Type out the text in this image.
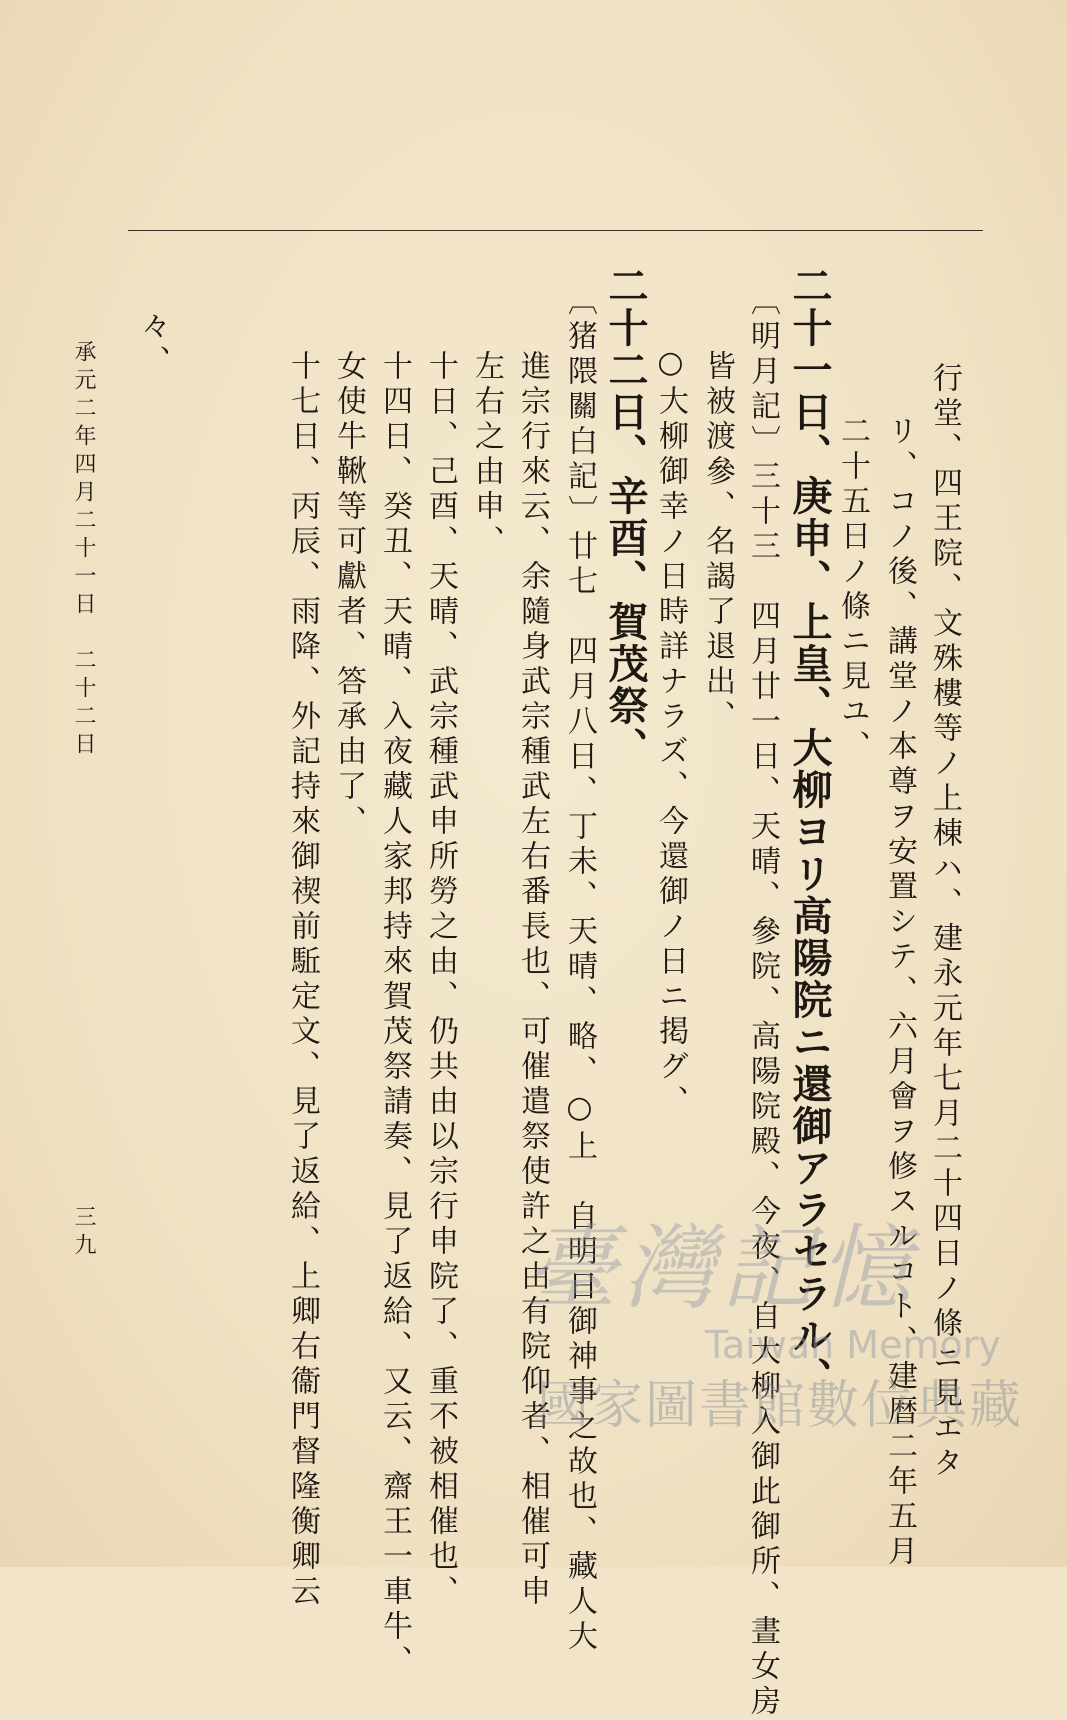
行堂、四王院、文殊樓等ノ上棟ハ、建永元年七月二十四日ノ條ニ見エタ
リ、コノ後、講堂ノ本尊ヲ安置シテ、六月會ヲ修スルコト、建暦二年五月
二十五日ノ條ニ見ユ、
二十一日、庚申、上皇、大柳ヨリ高陽院ニ還御アラセラル、
〔明月記〕三十三　四月廿一日、天晴、參院、高陽院殿、今夜、自大柳入御此御所、晝女房
皆被渡參、名謁了退出、
○大柳御幸ノ日時詳ナラズ、今還御ノ日ニ掲グ、
二十二日、辛酉、賀茂祭、
〔猪隈關白記〕廿七　四月八日、丁未、天晴、略、○上　自明日御神事之故也、藏人大
進宗行來云、余隨身武宗種武左右番長也、可催遣祭使許之由有院仰者、相催可申
左右之由申、
十日、己酉、天晴、武宗種武申所勞之由、仍共由以宗行申院了、重不被相催也、
十四日、癸丑、天晴、入夜藏人家邦持來賀茂祭請奏、見了返給、又云、齋王一車牛、
女使牛鞦等可獻者、答承由了、
十七日、丙辰、雨降、外記持來御禊前駈定文、見了返給、上卿右衞門督隆衡卿云
々、
承元二年四月二十一日　二十二日
三九	臺灣記憶
Taiwan Memory
國家圖書館數位典藏
